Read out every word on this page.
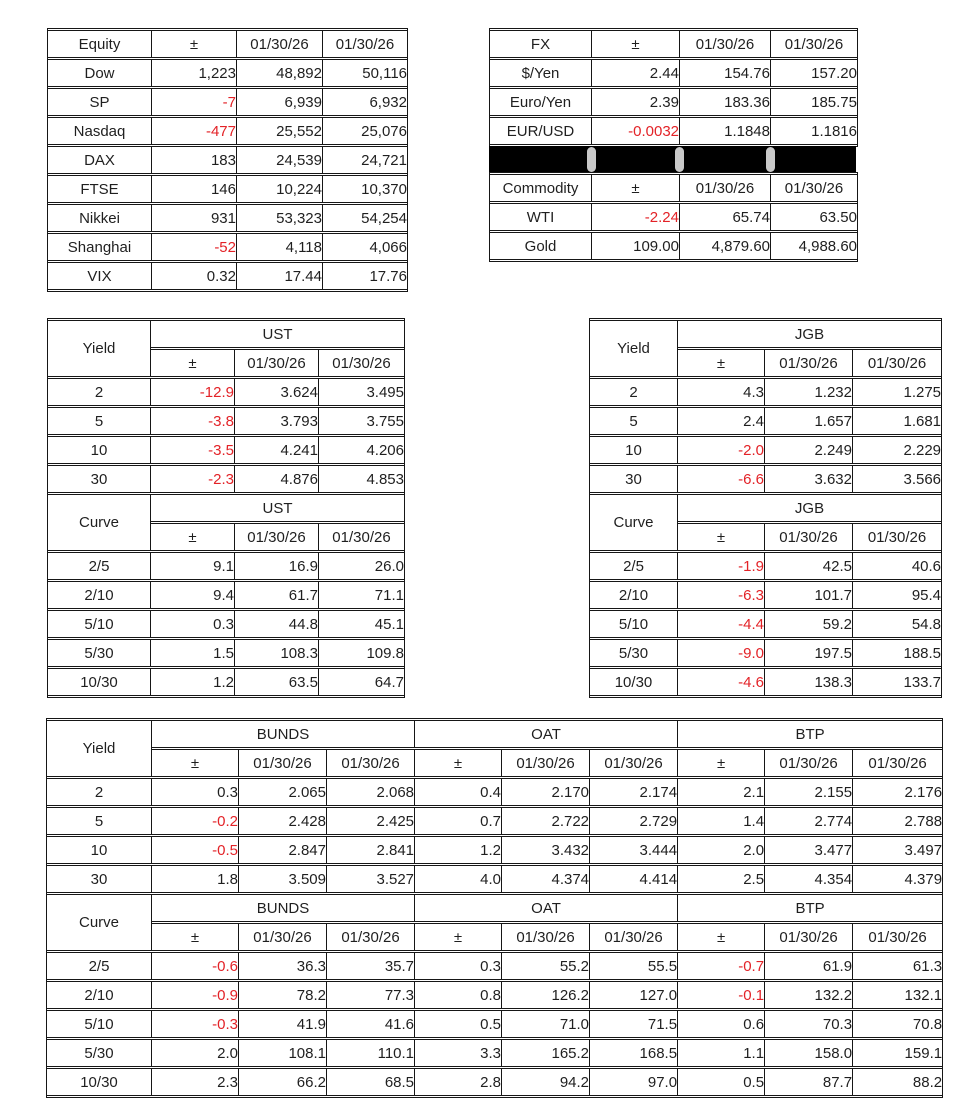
Equity	±	01/30/26	01/30/26
Dow	1,223	48,892	50,116
SP	-7	6,939	6,932
Nasdaq	-477	25,552	25,076
DAX	183	24,539	24,721
FTSE	146	10,224	10,370
Nikkei	931	53,323	54,254
Shanghai	-52	4,118	4,066
VIX	0.32	17.44	17.76
FX	±	01/30/26	01/30/26
$/Yen	2.44	154.76	157.20
Euro/Yen	2.39	183.36	185.75
EUR/USD	-0.0032	1.1848	1.1816
Commodity	±	01/30/26	01/30/26
WTI	-2.24	65.74	63.50
Gold	109.00	4,879.60	4,988.60
Yield	UST		
	±	01/30/26	01/30/26
2	-12.9	3.624	3.495
5	-3.8	3.793	3.755
10	-3.5	4.241	4.206
30	-2.3	4.876	4.853
Curve	UST		
	±	01/30/26	01/30/26
2/5	9.1	16.9	26.0
2/10	9.4	61.7	71.1
5/10	0.3	44.8	45.1
5/30	1.5	108.3	109.8
10/30	1.2	63.5	64.7
Yield	JGB		
	±	01/30/26	01/30/26
2	4.3	1.232	1.275
5	2.4	1.657	1.681
10	-2.0	2.249	2.229
30	-6.6	3.632	3.566
Curve	JGB		
	±	01/30/26	01/30/26
2/5	-1.9	42.5	40.6
2/10	-6.3	101.7	95.4
5/10	-4.4	59.2	54.8
5/30	-9.0	197.5	188.5
10/30	-4.6	138.3	133.7
Yield	BUNDS			OAT			BTP		
	±	01/30/26	01/30/26	±	01/30/26	01/30/26	±	01/30/26	01/30/26
2	0.3	2.065	2.068	0.4	2.170	2.174	2.1	2.155	2.176
5	-0.2	2.428	2.425	0.7	2.722	2.729	1.4	2.774	2.788
10	-0.5	2.847	2.841	1.2	3.432	3.444	2.0	3.477	3.497
30	1.8	3.509	3.527	4.0	4.374	4.414	2.5	4.354	4.379
Curve	BUNDS			OAT			BTP		
	±	01/30/26	01/30/26	±	01/30/26	01/30/26	±	01/30/26	01/30/26
2/5	-0.6	36.3	35.7	0.3	55.2	55.5	-0.7	61.9	61.3
2/10	-0.9	78.2	77.3	0.8	126.2	127.0	-0.1	132.2	132.1
5/10	-0.3	41.9	41.6	0.5	71.0	71.5	0.6	70.3	70.8
5/30	2.0	108.1	110.1	3.3	165.2	168.5	1.1	158.0	159.1
10/30	2.3	66.2	68.5	2.8	94.2	97.0	0.5	87.7	88.2
